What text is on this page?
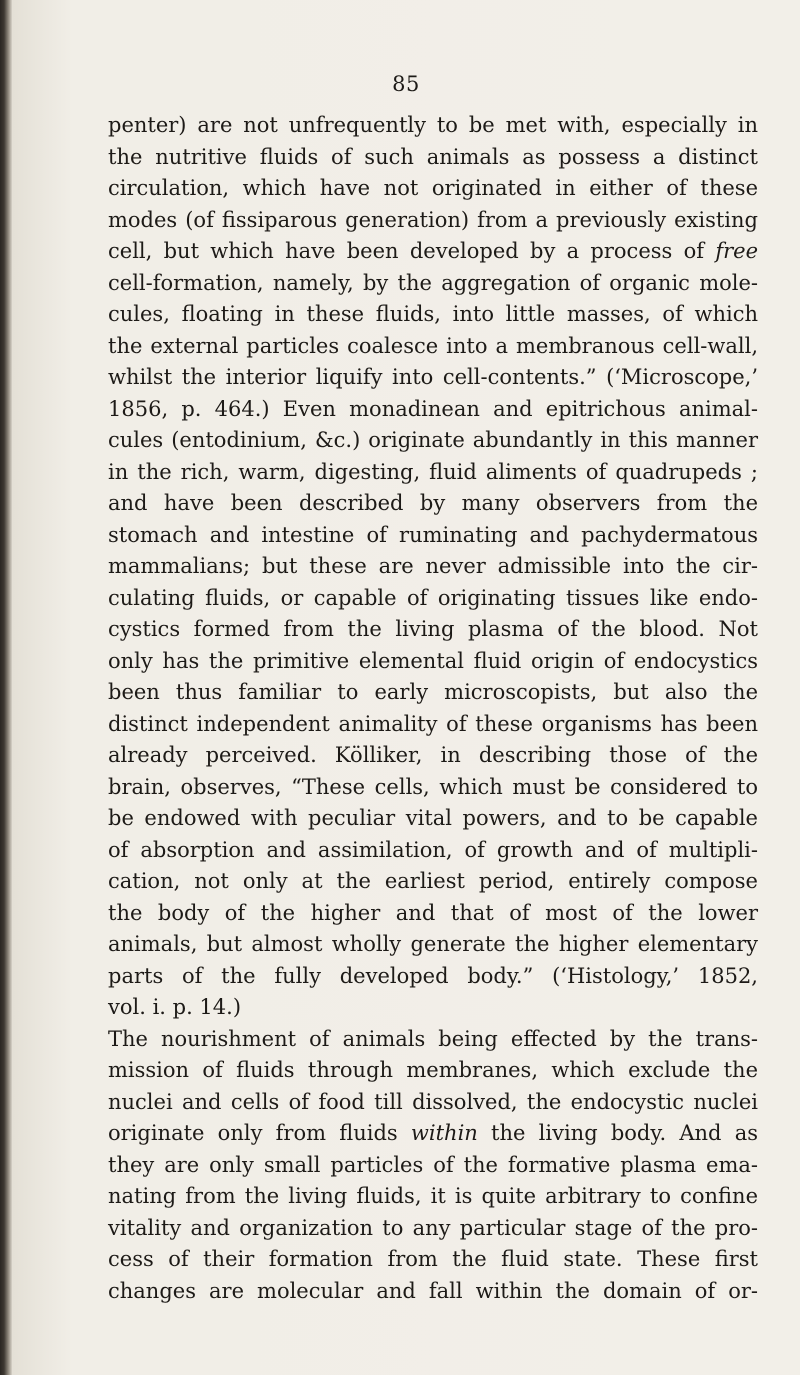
85
penter) are not unfrequently to be met with, especially in
the nutritive fluids of such animals as possess a distinct
circulation, which have not originated in either of these
modes (of fissiparous generation) from a previously existing
cell, but which have been developed by a process of free
cell-formation, namely, by the aggregation of organic mole-
cules, floating in these fluids, into little masses, of which
the external particles coalesce into a membranous cell-wall,
whilst the interior liquify into cell-contents.” (‘Microscope,’
1856, p. 464.) Even monadinean and epitrichous animal-
cules (entodinium, &c.) originate abundantly in this manner
in the rich, warm, digesting, fluid aliments of quadrupeds ;
and have been described by many observers from the
stomach and intestine of ruminating and pachydermatous
mammalians; but these are never admissible into the cir-
culating fluids, or capable of originating tissues like endo-
cystics formed from the living plasma of the blood. Not
only has the primitive elemental fluid origin of endocystics
been thus familiar to early microscopists, but also the
distinct independent animality of these organisms has been
already perceived. Kölliker, in describing those of the
brain, observes, “These cells, which must be considered to
be endowed with peculiar vital powers, and to be capable
of absorption and assimilation, of growth and of multipli-
cation, not only at the earliest period, entirely compose
the body of the higher and that of most of the lower
animals, but almost wholly generate the higher elementary
parts of the fully developed body.” (‘Histology,’ 1852,
vol. i. p. 14.)
The nourishment of animals being effected by the trans-
mission of fluids through membranes, which exclude the
nuclei and cells of food till dissolved, the endocystic nuclei
originate only from fluids within the living body. And as
they are only small particles of the formative plasma ema-
nating from the living fluids, it is quite arbitrary to confine
vitality and organization to any particular stage of the pro-
cess of their formation from the fluid state. These first
changes are molecular and fall within the domain of or-
